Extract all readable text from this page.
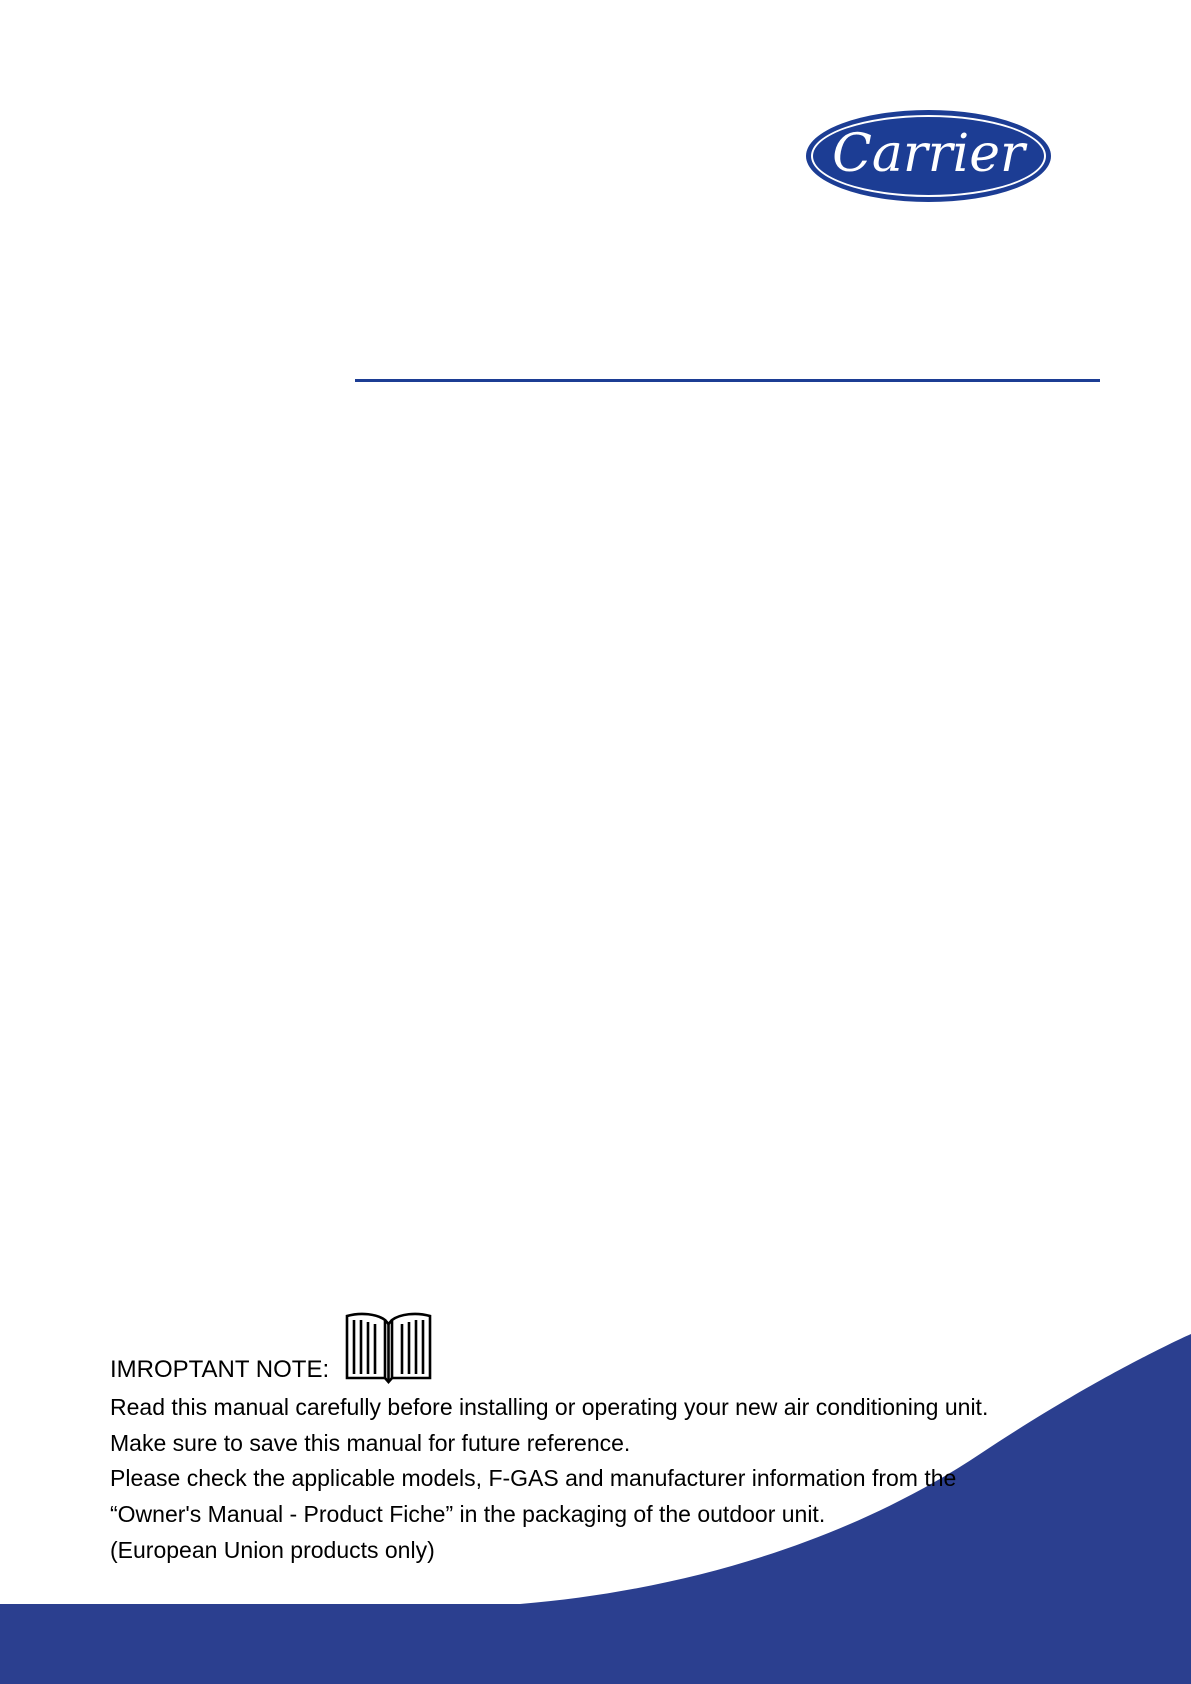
Carrier
IMROPTANT NOTE:

Read this manual carefully before installing or operating your new air conditioning unit.

Make sure to save this manual for future reference.

Please check the applicable models, F-GAS and manufacturer information from the

“Owner's Manual - Product Fiche” in the packaging of the outdoor unit.

(European Union products only)
